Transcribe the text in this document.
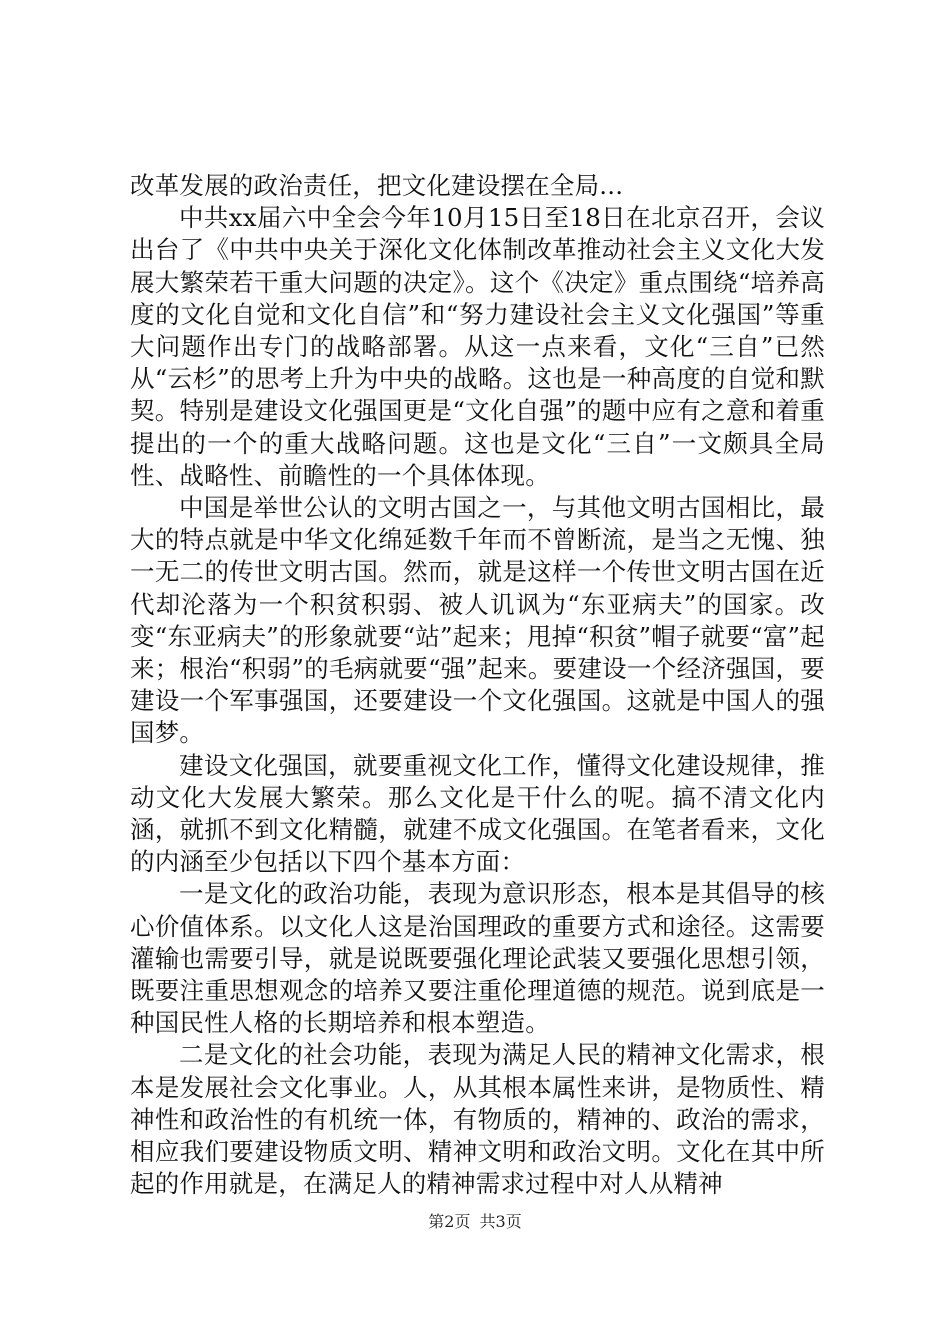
改革发展的政治责任，把文化建设摆在全局...

中共xx届六中全会今年10月15日至18日在北京召开，会议出台了《中共中央关于深化文化体制改革推动社会主义文化大发展大繁荣若干重大问题的决定》。这个《决定》重点围绕“培养高度的文化自觉和文化自信”和“努力建设社会主义文化强国”等重大问题作出专门的战略部署。从这一点来看，文化“三自”已然从“云杉”的思考上升为中央的战略。这也是一种高度的自觉和默契。特别是建设文化强国更是“文化自强”的题中应有之意和着重提出的一个的重大战略问题。这也是文化“三自”一文颇具全局性、战略性、前瞻性的一个具体体现。

中国是举世公认的文明古国之一，与其他文明古国相比，最大的特点就是中华文化绵延数千年而不曾断流，是当之无愧、独一无二的传世文明古国。然而，就是这样一个传世文明古国在近代却沦落为一个积贫积弱、被人讥讽为“东亚病夫”的国家。改变“东亚病夫”的形象就要“站”起来；甩掉“积贫”帽子就要“富”起来；根治“积弱”的毛病就要“强”起来。要建设一个经济强国，要建设一个军事强国，还要建设一个文化强国。这就是中国人的强国梦。

建设文化强国，就要重视文化工作，懂得文化建设规律，推动文化大发展大繁荣。那么文化是干什么的呢。搞不清文化内涵，就抓不到文化精髓，就建不成文化强国。在笔者看来，文化的内涵至少包括以下四个基本方面：

一是文化的政治功能，表现为意识形态，根本是其倡导的核心价值体系。以文化人这是治国理政的重要方式和途径。这需要灌输也需要引导，就是说既要强化理论武装又要强化思想引领，既要注重思想观念的培养又要注重伦理道德的规范。说到底是一种国民性人格的长期培养和根本塑造。

二是文化的社会功能，表现为满足人民的精神文化需求，根本是发展社会文化事业。人，从其根本属性来讲，是物质性、精神性和政治性的有机统一体，有物质的，精神的、政治的需求，相应我们要建设物质文明、精神文明和政治文明。文化在其中所起的作用就是，在满足人的精神需求过程中对人从精神

第2页 共3页
